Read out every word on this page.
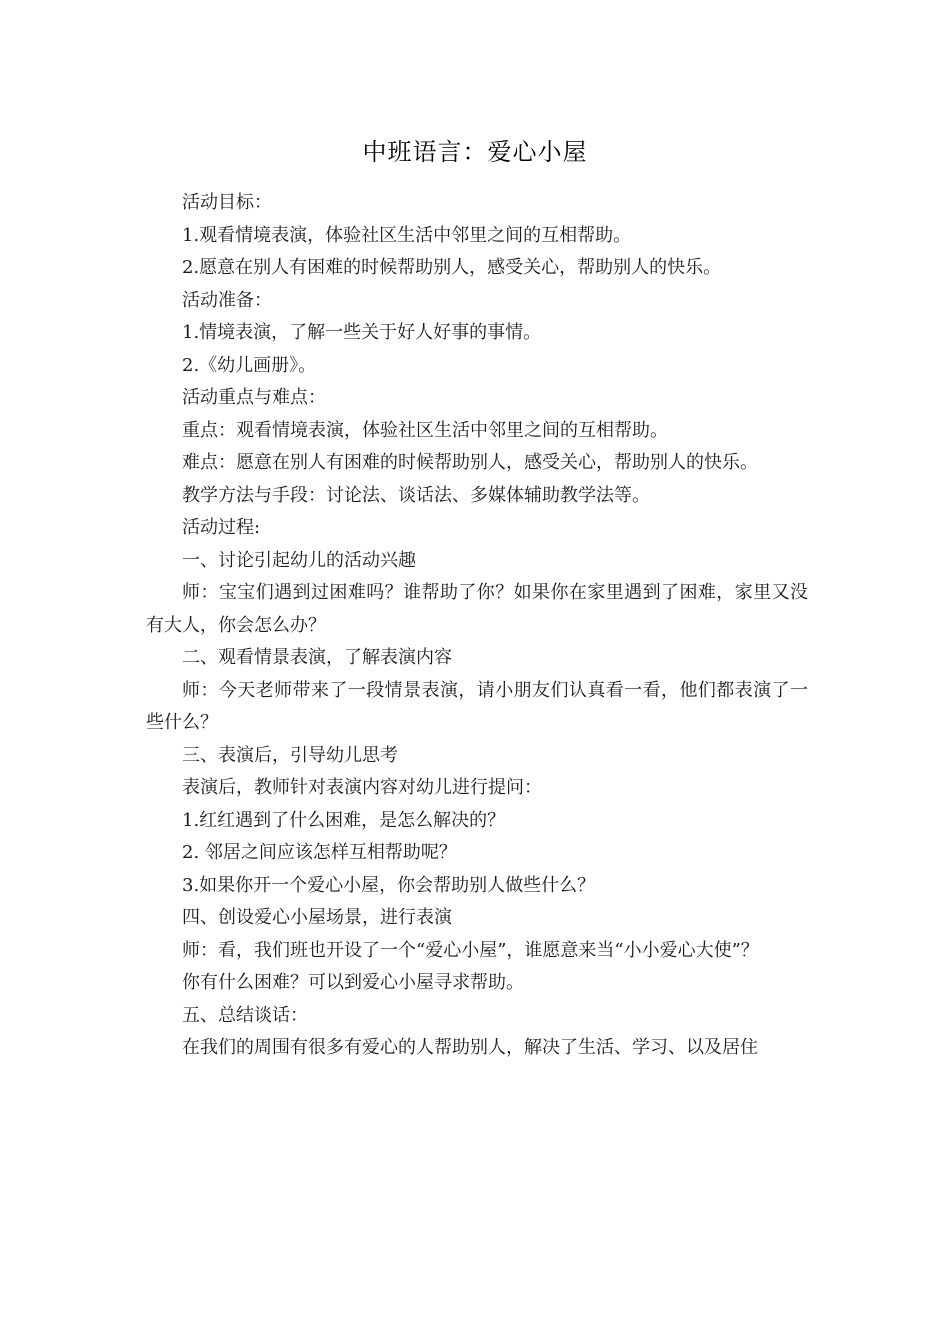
中班语言：爱心小屋

活动目标：

1.观看情境表演，体验社区生活中邻里之间的互相帮助。

2.愿意在别人有困难的时候帮助别人，感受关心，帮助别人的快乐。

活动准备：

1.情境表演，了解一些关于好人好事的事情。

2.《幼儿画册》。

活动重点与难点：

重点：观看情境表演，体验社区生活中邻里之间的互相帮助。

难点：愿意在别人有困难的时候帮助别人，感受关心，帮助别人的快乐。

教学方法与手段：讨论法、谈话法、多媒体辅助教学法等。

活动过程:

一、讨论引起幼儿的活动兴趣

师：宝宝们遇到过困难吗？谁帮助了你？如果你在家里遇到了困难，家里又没有大人，你会怎么办？

二、观看情景表演，了解表演内容

师：今天老师带来了一段情景表演，请小朋友们认真看一看，他们都表演了一些什么？

三、表演后，引导幼儿思考

表演后，教师针对表演内容对幼儿进行提问：

1.红红遇到了什么困难，是怎么解决的？

2. 邻居之间应该怎样互相帮助呢？

3.如果你开一个爱心小屋，你会帮助别人做些什么？

四、创设爱心小屋场景，进行表演

师：看，我们班也开设了一个“爱心小屋”，谁愿意来当“小小爱心大使”？

你有什么困难？可以到爱心小屋寻求帮助。

五、总结谈话：

在我们的周围有很多有爱心的人帮助别人，解决了生活、学习、以及居住
